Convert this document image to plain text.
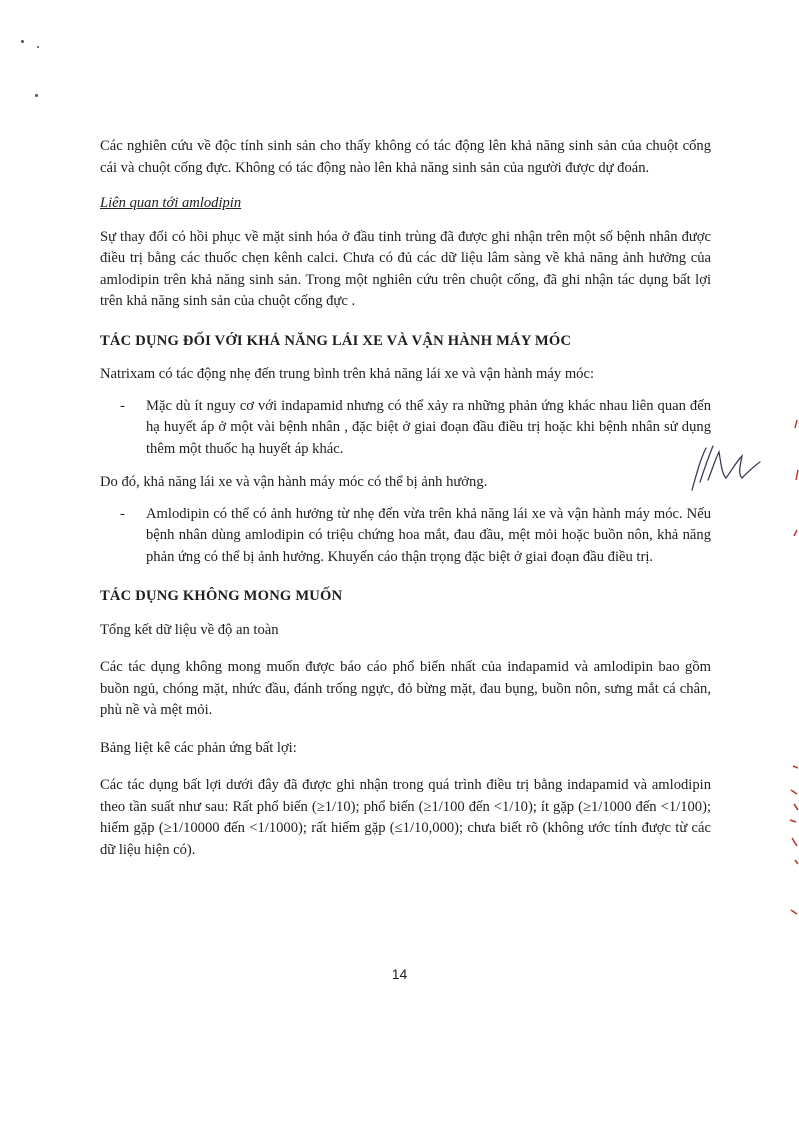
Các nghiên cứu về độc tính sinh sản cho thấy không có tác động lên khả năng sinh sản của chuột cống cái và chuột cống đực. Không có tác động nào lên khả năng sinh sản của người được dự đoán.

Liên quan tới amlodipin

Sự thay đổi có hồi phục về mặt sinh hóa ở đầu tinh trùng đã được ghi nhận trên một số bệnh nhân được điều trị bằng các thuốc chẹn kênh calci. Chưa có đủ các dữ liệu lâm sàng về khả năng ảnh hưởng của amlodipin trên khả năng sinh sản. Trong một nghiên cứu trên chuột cống, đã ghi nhận tác dụng bất lợi trên khả năng sinh sản của chuột cống đực .

TÁC DỤNG ĐỐI VỚI KHẢ NĂNG LÁI XE VÀ VẬN HÀNH MÁY MÓC

Natrixam có tác động nhẹ đến trung bình trên khả năng lái xe và vận hành máy móc:

- Mặc dù ít nguy cơ với indapamid nhưng có thể xảy ra những phản ứng khác nhau liên quan đến hạ huyết áp ở một vài bệnh nhân , đặc biệt ở giai đoạn đầu điều trị hoặc khi bệnh nhân sử dụng thêm một thuốc hạ huyết áp khác.

Do đó, khả năng lái xe và vận hành máy móc có thể bị ảnh hưởng.

- Amlodipin có thể có ảnh hưởng từ nhẹ đến vừa trên khả năng lái xe và vận hành máy móc. Nếu bệnh nhân dùng amlodipin có triệu chứng hoa mắt, đau đầu, mệt mỏi hoặc buồn nôn, khả năng phản ứng có thể bị ảnh hưởng. Khuyến cáo thận trọng đặc biệt ở giai đoạn đầu điều trị.
TÁC DỤNG KHÔNG MONG MUỐN

Tổng kết dữ liệu về độ an toàn

Các tác dụng không mong muốn được báo cáo phổ biến nhất của indapamid và amlodipin bao gồm buồn ngủ, chóng mặt, nhức đầu, đánh trống ngực, đỏ bừng mặt, đau bụng, buồn nôn, sưng mắt cá chân, phù nề và mệt mỏi.

Bảng liệt kê các phản ứng bất lợi:

Các tác dụng bất lợi dưới đây đã được ghi nhận trong quá trình điều trị bằng indapamid và amlodipin theo tần suất như sau: Rất phổ biến (≥1/10); phổ biến (≥1/100 đến <1/10); ít gặp (≥1/1000 đến <1/100); hiếm gặp (≥1/10000 đến <1/1000); rất hiếm gặp (≤1/10,000); chưa biết rõ (không ước tính được từ các dữ liệu hiện có).

14
